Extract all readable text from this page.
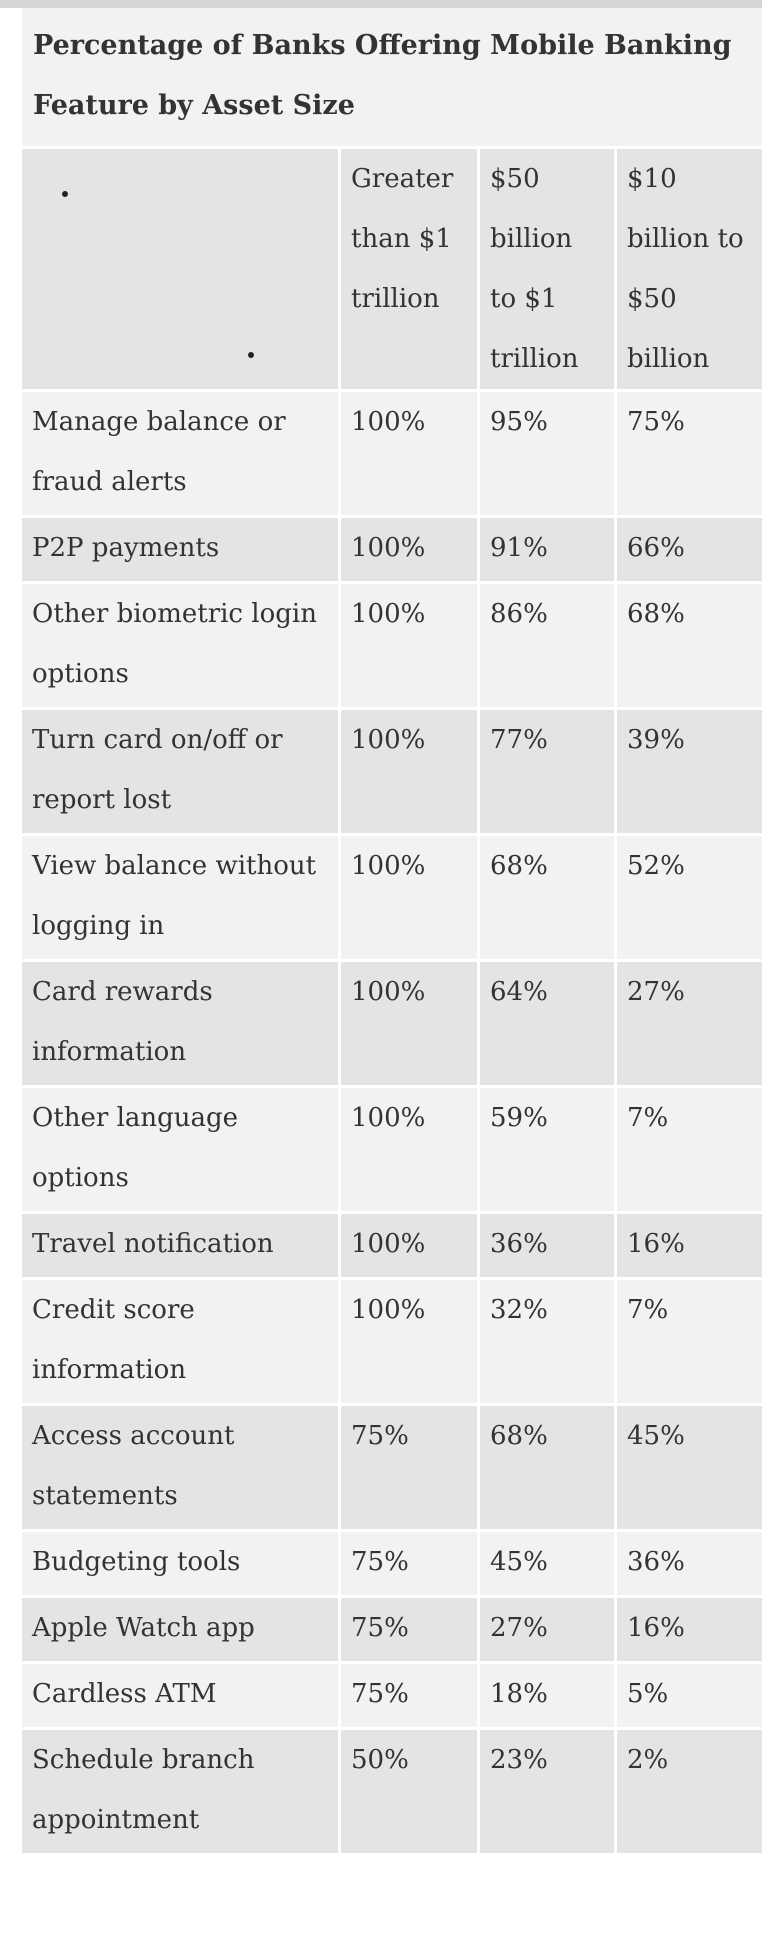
Percentage of Banks Offering Mobile Banking Feature by Asset Size
	Greater than $1 trillion	$50 billion to $1 trillion	$10 billion to $50 billion
Manage balance or fraud alerts	100%	95%	75%
P2P payments	100%	91%	66%
Other biometric login options	100%	86%	68%
Turn card on/off or report lost	100%	77%	39%
View balance without logging in	100%	68%	52%
Card rewards information	100%	64%	27%
Other language options	100%	59%	7%
Travel notification	100%	36%	16%
Credit score information	100%	32%	7%
Access account statements	75%	68%	45%
Budgeting tools	75%	45%	36%
Apple Watch app	75%	27%	16%
Cardless ATM	75%	18%	5%
Schedule branch appointment	50%	23%	2%
